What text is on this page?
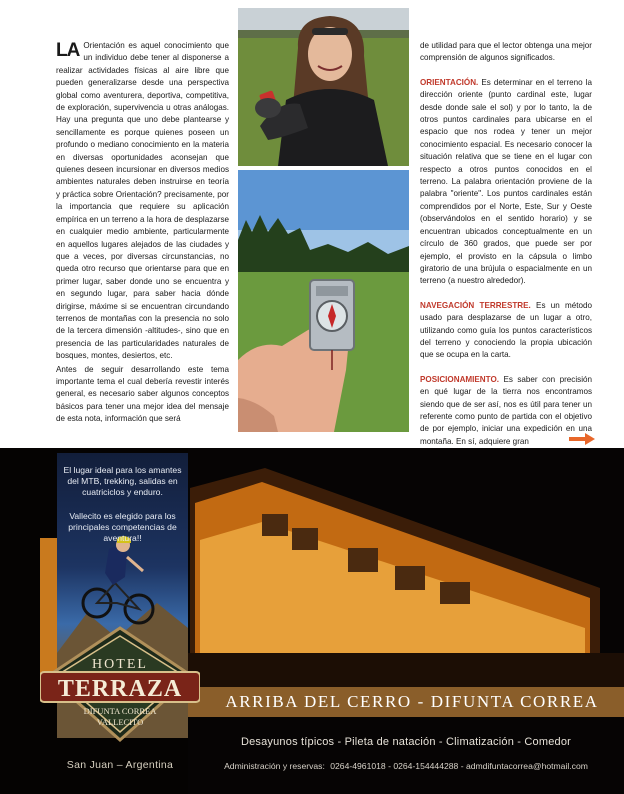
LA Orientación es aquel conocimiento que un individuo debe tener al disponerse a realizar actividades físicas al aire libre que pueden generalizarse desde una perspectiva global como aventurera, deportiva, competitiva, de exploración, supervivencia u otras análogas. Hay una pregunta que uno debe plantearse y sencillamente es porque quienes poseen un profundo o mediano conocimiento en la materia en diversas oportunidades aconsejan que quienes deseen incursionar en diversos medios ambientes naturales deben instruirse en teoría y práctica sobre Orientación? precisamente, por la importancia que requiere su aplicación empírica en un terreno a la hora de desplazarse en cualquier medio ambiente, particularmente en aquellos lugares alejados de las ciudades y que a veces, por diversas circunstancias, no queda otro recurso que orientarse para que en primer lugar, saber donde uno se encuentra y en segundo lugar, para saber hacia dónde dirigirse, máxime si se encuentran circundando terrenos de montañas con la presencia no solo de la tercera dimensión -altitudes-, sino que en presencia de las particularidades naturales de bosques, montes, desiertos, etc.

Antes de seguir desarrollando este tema importante tema el cual debería revestir interés general, es necesario saber algunos conceptos básicos para tener una mejor idea del mensaje de esta nota, información que será

de utilidad para que el lector obtenga una mejor comprensión de algunos significados.

ORIENTACIÓN. Es determinar en el terreno la dirección oriente (punto cardinal este, lugar desde donde sale el sol) y por lo tanto, la de otros puntos cardinales para ubicarse en el espacio que nos rodea y tener un mejor conocimiento espacial. Es necesario conocer la situación relativa que se tiene en el lugar con respecto a otros puntos conocidos en el terreno. La palabra orientación proviene de la palabra "oriente". Los puntos cardinales están comprendidos por el Norte, Este, Sur y Oeste (observándolos en el sentido horario) y se encuentran ubicados conceptualmente en un círculo de 360 grados, que puede ser por ejemplo, el provisto en la cápsula o limbo giratorio de una brújula o espacialmente en un terreno (a nuestro alrededor).

NAVEGACIÓN TERRESTRE. Es un método usado para desplazarse de un lugar a otro, utilizando como guía los puntos característicos del terreno y conociendo la propia ubicación que se ocupa en la carta.

POSICIONAMIENTO. Es saber con precisión en qué lugar de la tierra nos encontramos siendo que de ser así, nos es útil para tener un referente como punto de partida con el objetivo de por ejemplo, iniciar una expedición en una montaña. En sí, adquiere gran

El lugar ideal para los amantes del MTB, trekking, salidas en cuatriciclos y enduro.
Vallecito es elegido para los principales competencias de aventura!!
ARRIBA DEL CERRO - DIFUNTA CORREA
HOTEL
TERRAZA
DIFUNTA CORREA
VALLECITO
San Juan – Argentina
Desayunos típicos - Pileta de natación - Climatización - Comedor
Administración y reservas: 0264-4961018 - 0264-154444288 - admdifuntacorrea@hotmail.com
